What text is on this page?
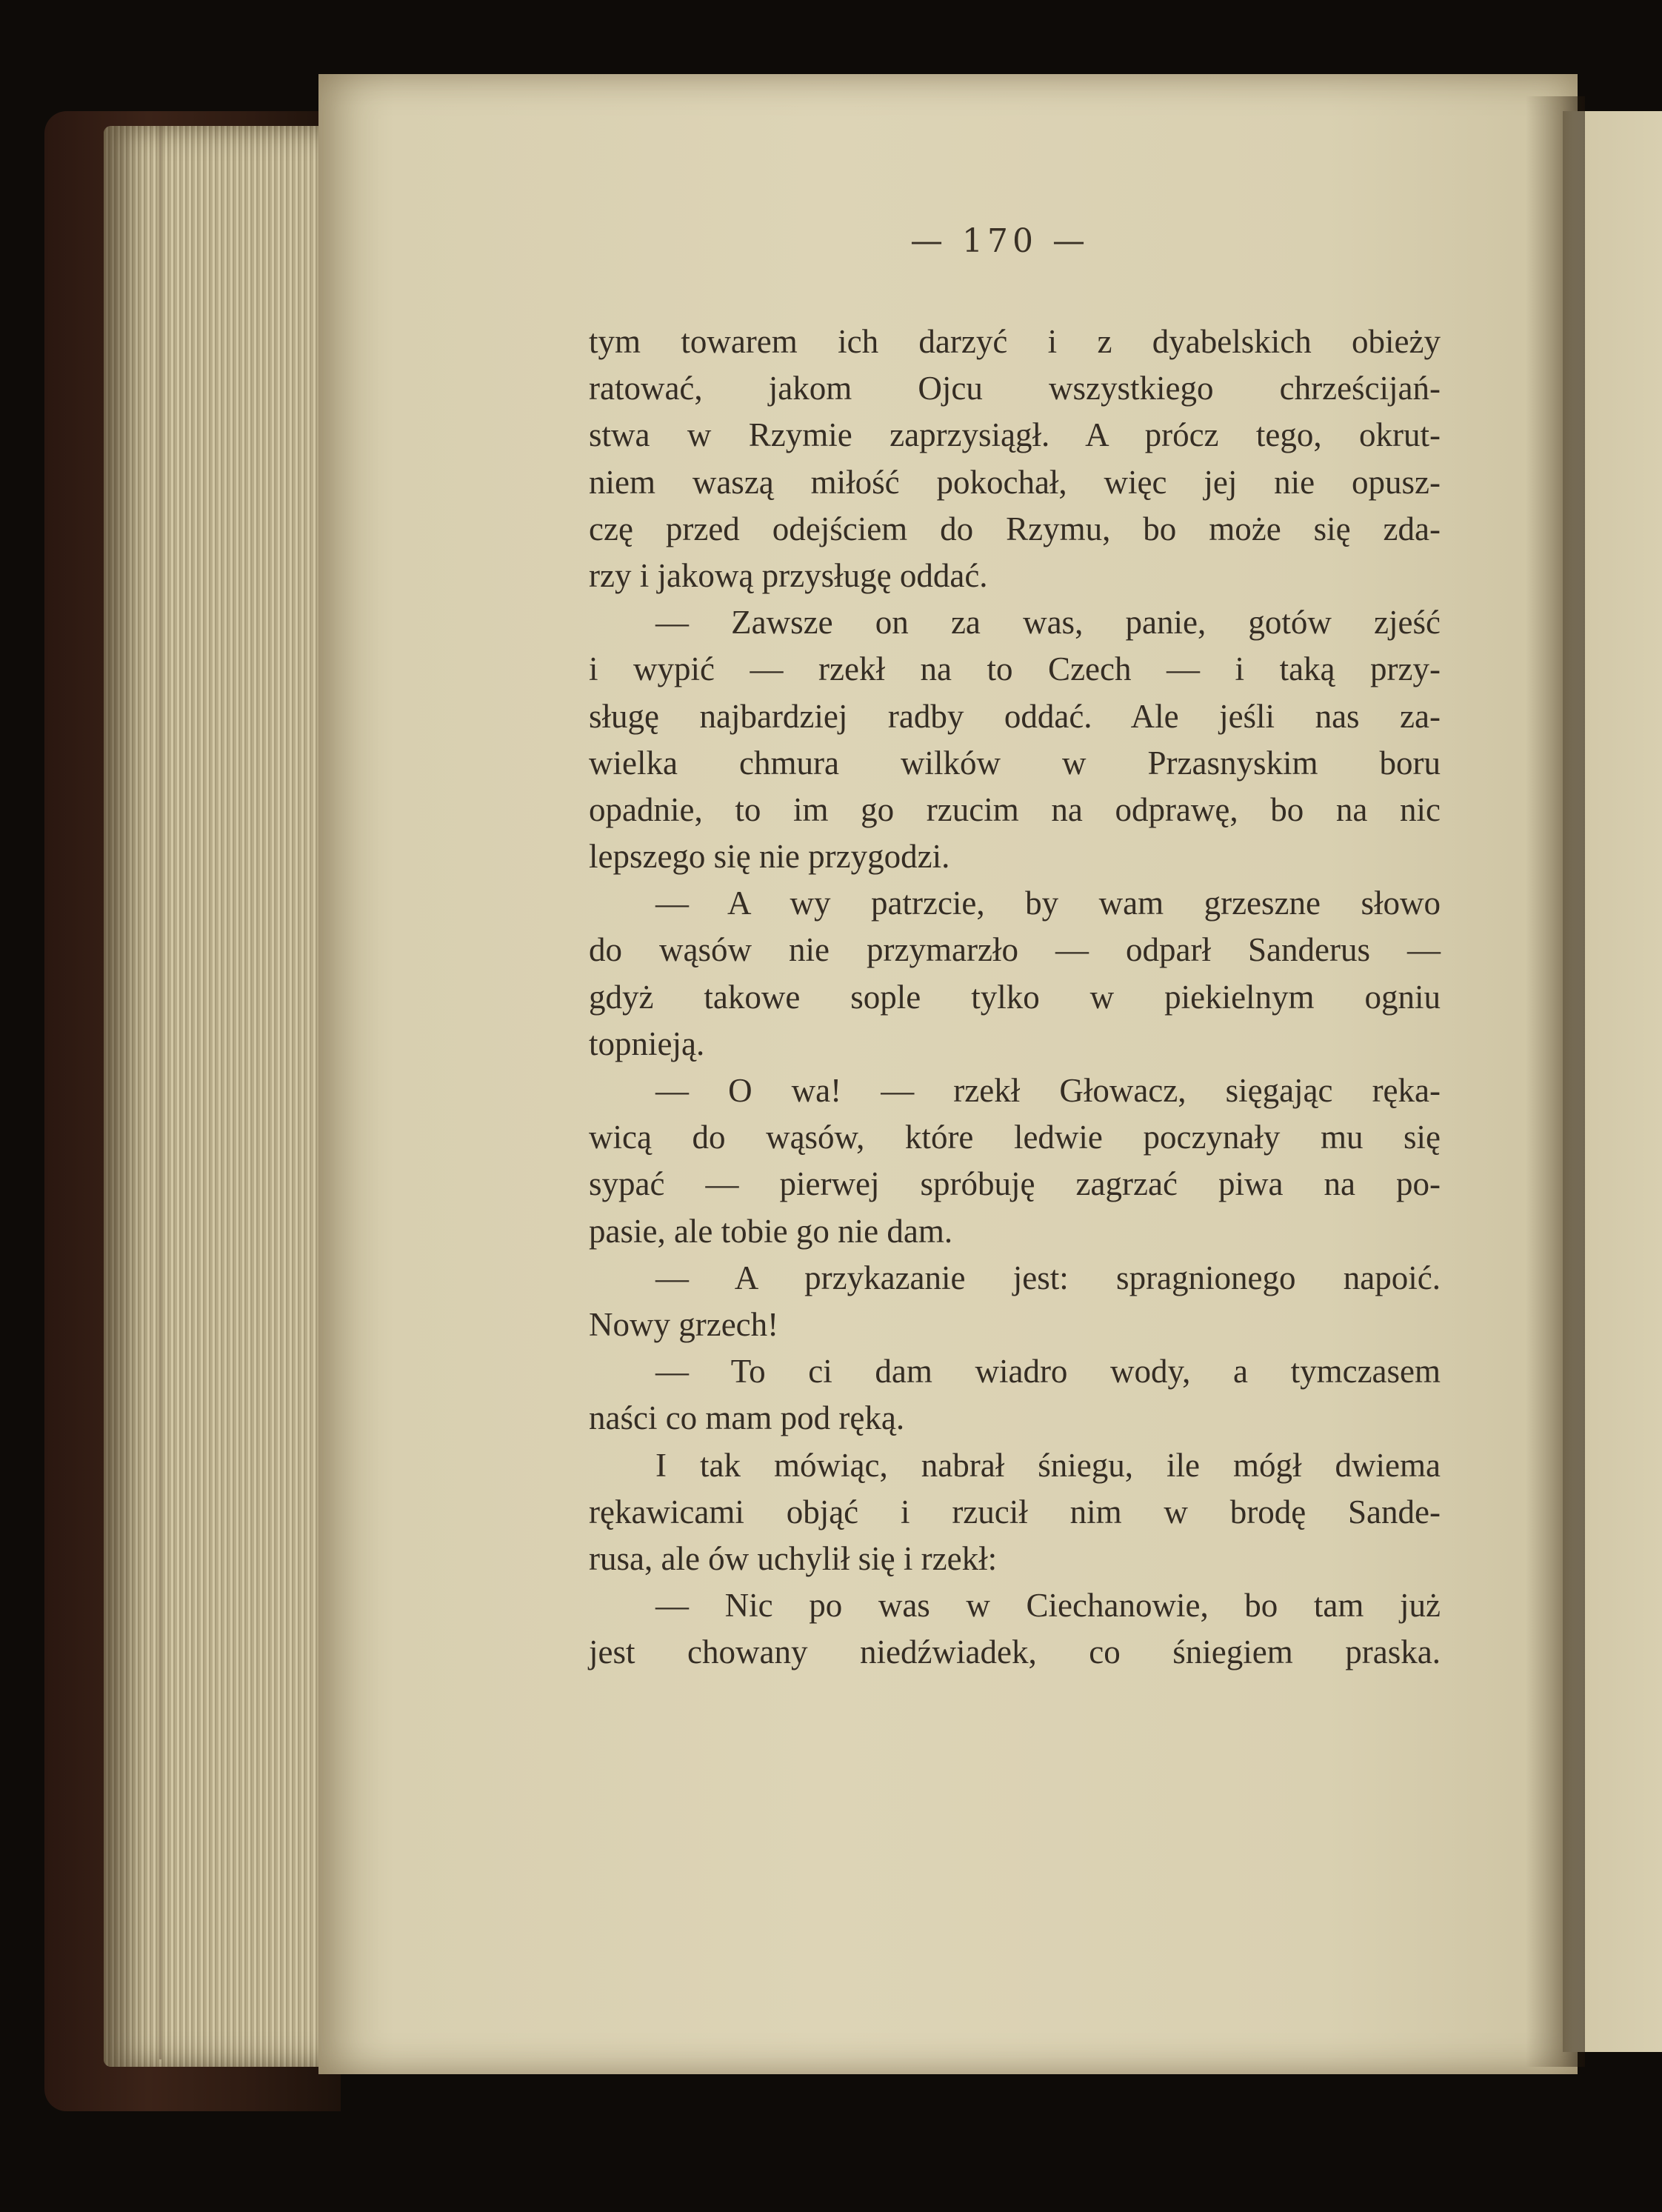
— 170 —
tym towarem ich darzyć i z dyabelskich obieży
ratować, jakom Ojcu wszystkiego chrześcijań-
stwa w Rzymie zaprzysiągł. A prócz tego, okrut-
niem waszą miłość pokochał, więc jej nie opusz-
czę przed odejściem do Rzymu, bo może się zda-
rzy i jakową przysługę oddać.
— Zawsze on za was, panie, gotów zjeść
i wypić — rzekł na to Czech — i taką przy-
sługę najbardziej radby oddać. Ale jeśli nas za-
wielka chmura wilków w Przasnyskim boru
opadnie, to im go rzucim na odprawę, bo na nic
lepszego się nie przygodzi.
— A wy patrzcie, by wam grzeszne słowo
do wąsów nie przymarzło — odparł Sanderus —
gdyż takowe sople tylko w piekielnym ogniu
topnieją.
— O wa! — rzekł Głowacz, sięgając ręka-
wicą do wąsów, które ledwie poczynały mu się
sypać — pierwej spróbuję zagrzać piwa na po-
pasie, ale tobie go nie dam.
— A przykazanie jest: spragnionego napoić.
Nowy grzech!
— To ci dam wiadro wody, a tymczasem
naści co mam pod ręką.
I tak mówiąc, nabrał śniegu, ile mógł dwiema
rękawicami objąć i rzucił nim w brodę Sande-
rusa, ale ów uchylił się i rzekł:
— Nic po was w Ciechanowie, bo tam już
jest chowany niedźwiadek, co śniegiem praska.
